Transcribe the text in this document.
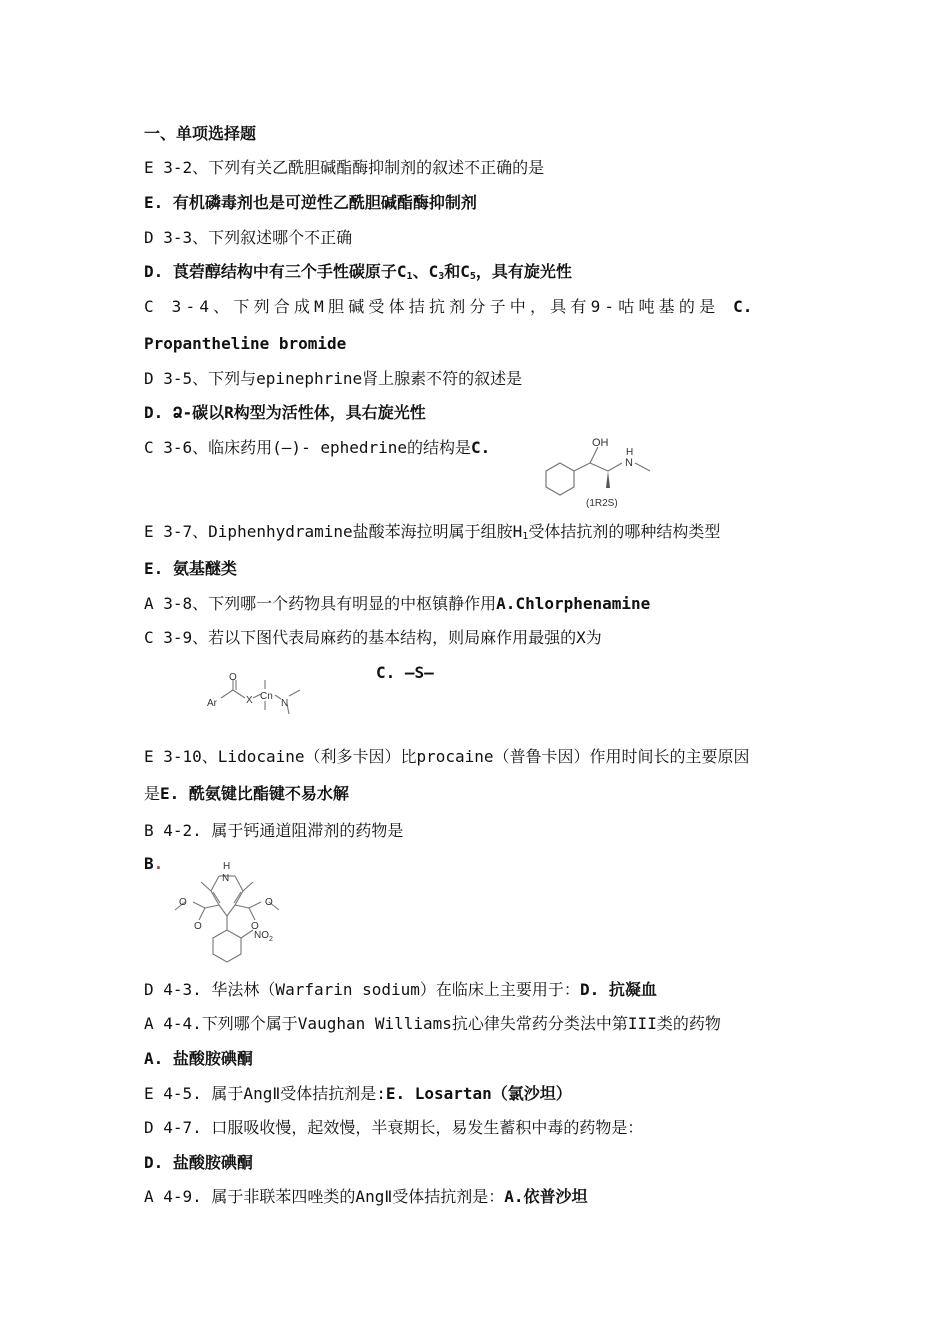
一、单项选择题
E 3-2、下列有关乙酰胆碱酯酶抑制剂的叙述不正确的是
E. 有机磷毒剂也是可逆性乙酰胆碱酯酶抑制剂
D 3-3、下列叙述哪个不正确
D. 莨菪醇结构中有三个手性碳原子$C_1$、$C_3$和$C_5$，具有旋光性
C 3-4、下列合成M胆碱受体拮抗剂分子中，具有9-咕吨基的是 C.
Propantheline bromide
D 3-5、下列与epinephrine肾上腺素不符的叙述是
D. Ձ-碳以R构型为活性体，具右旋光性
C 3-6、临床药用(—)- ephedrine的结构是C.	OH
N
H
(1R2S)
E 3-7、Diphenhydramine盐酸苯海拉明属于组胺$H_1$受体拮抗剂的哪种结构类型
E. 氨基醚类
A 3-8、下列哪一个药物具有明显的中枢镇静作用A.Chlorphenamine
C 3-9、若以下图代表局麻药的基本结构，则局麻作用最强的X为
C. —S—
O
Ar	X Cn
N
E 3-10、Lidocaine（利多卡因）比procaine（普鲁卡因）作用时间长的主要原因
是E. 酰氨键比酯键不易水解
B 4-2. 属于钙通道阻滞剂的药物是
B.	H
N
O
O
O
O
$NO_2$
D 4-3. 华法林（Warfarin sodium）在临床上主要用于：D. 抗凝血
A 4-4.下列哪个属于Vaughan Williams抗心律失常药分类法中第III类的药物
A. 盐酸胺碘酮
E 4-5. 属于AngⅡ受体拮抗剂是:E. Losartan（氯沙坦）
D 4-7. 口服吸收慢，起效慢，半衰期长，易发生蓄积中毒的药物是：
D. 盐酸胺碘酮
A 4-9. 属于非联苯四唑类的AngⅡ受体拮抗剂是：A.依普沙坦
